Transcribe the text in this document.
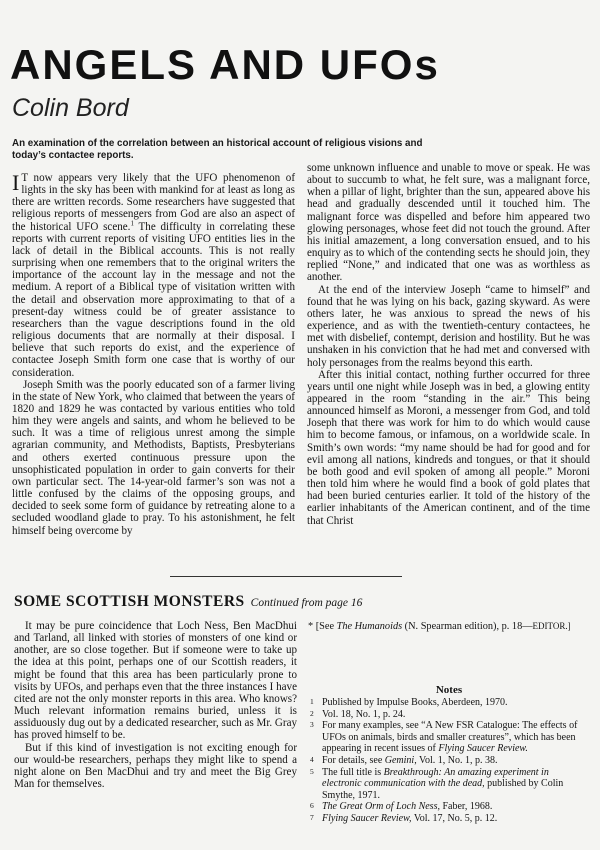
ANGELS AND UFOs
Colin Bord
An examination of the correlation between an historical account of religious visions and today’s contactee reports.

I T now appears very likely that the UFO phenomenon of lights in the sky has been with mankind for at least as long as there are written records. Some researchers have suggested that religious reports of messengers from God are also an aspect of the historical UFO scene.$^1$ The difficulty in correlating these reports with current reports of visiting UFO entities lies in the lack of detail in the Biblical accounts. This is not really surprising when one remembers that to the original writers the importance of the account lay in the message and not the medium. A report of a Biblical type of visitation written with the detail and observation more approximating to that of a present-day witness could be of greater assistance to researchers than the vague descriptions found in the old religious documents that are normally at their disposal. I believe that such reports do exist, and the experience of contactee Joseph Smith form one case that is worthy of our consideration.

Joseph Smith was the poorly educated son of a farmer living in the state of New York, who claimed that between the years of 1820 and 1829 he was contacted by various entities who told him they were angels and saints, and whom he believed to be such. It was a time of religious unrest among the simple agrarian community, and Methodists, Baptists, Presbyterians and others exerted continuous pressure upon the unsophisticated population in order to gain converts for their own particular sect. The 14-year-old farmer’s son was not a little confused by the claims of the opposing groups, and decided to seek some form of guidance by retreating alone to a secluded woodland glade to pray. To his astonishment, he felt himself being overcome by

some unknown influence and unable to move or speak. He was about to succumb to what, he felt sure, was a malignant force, when a pillar of light, brighter than the sun, appeared above his head and gradually descended until it touched him. The malignant force was dispelled and before him appeared two glowing personages, whose feet did not touch the ground. After his initial amazement, a long conversation ensued, and to his enquiry as to which of the contending sects he should join, they replied “None,” and indicated that one was as worthless as another.

At the end of the interview Joseph “came to himself” and found that he was lying on his back, gazing skyward. As were others later, he was anxious to spread the news of his experience, and as with the twentieth-century contactees, he met with disbelief, contempt, derision and hostility. But he was unshaken in his conviction that he had met and conversed with holy personages from the realms beyond this earth.

After this initial contact, nothing further occurred for three years until one night while Joseph was in bed, a glowing entity appeared in the room “standing in the air.” This being announced himself as Moroni, a messenger from God, and told Joseph that there was work for him to do which would cause him to become famous, or infamous, on a worldwide scale. In Smith’s own words: “my name should be had for good and for evil among all nations, kindreds and tongues, or that it should be both good and evil spoken of among all people.” Moroni then told him where he would find a book of gold plates that had been buried centuries earlier. It told of the history of the earlier inhabitants of the American continent, and of the time that Christ

SOME SCOTTISH MONSTERS Continued from page 16

It may be pure coincidence that Loch Ness, Ben MacDhui and Tarland, all linked with stories of monsters of one kind or another, are so close together. But if someone were to take up the idea at this point, perhaps one of our Scottish readers, it might be found that this area has been particularly prone to visits by UFOs, and perhaps even that the three instances I have cited are not the only monster reports in this area. Who knows? Much relevant information remains buried, unless it is assiduously dug out by a dedicated researcher, such as Mr. Gray has proved himself to be.

But if this kind of investigation is not exciting enough for our would-be researchers, perhaps they might like to spend a night alone on Ben MacDhui and try and meet the Big Grey Man for themselves.

* [See The Humanoids (N. Spearman edition), p. 18—EDITOR.]
Notes
1 Published by Impulse Books, Aberdeen, 1970.
2 Vol. 18, No. 1, p. 24.
3 For many examples, see “A New FSR Catalogue: The effects of UFOs on animals, birds and smaller creatures”, which has been appearing in recent issues of Flying Saucer Review.
4 For details, see Gemini, Vol. 1, No. 1, p. 38.
5 The full title is Breakthrough: An amazing experiment in electronic communication with the dead, published by Colin Smythe, 1971.
6 The Great Orm of Loch Ness, Faber, 1968.
7 Flying Saucer Review, Vol. 17, No. 5, p. 12.
